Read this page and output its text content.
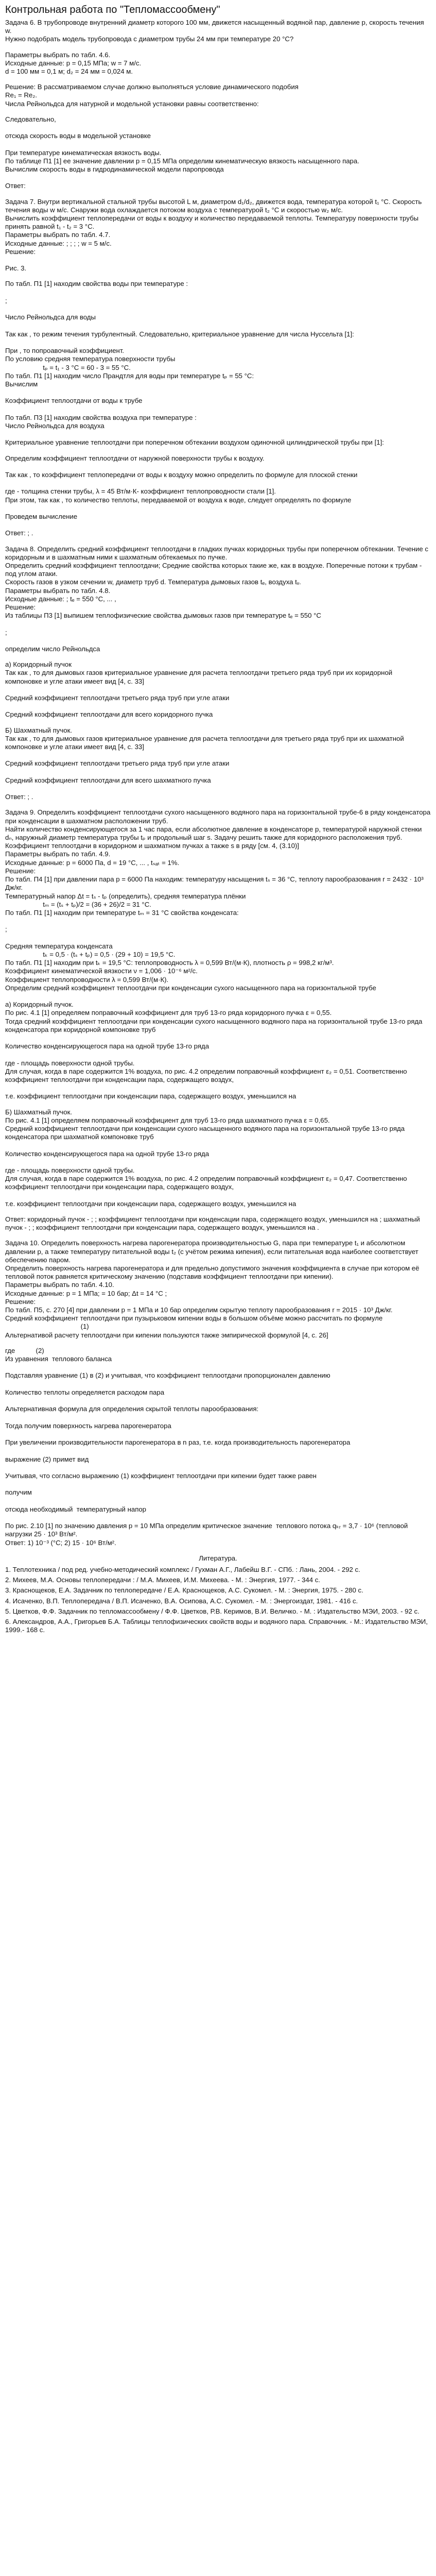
Контрольная работа по "Тепломассообмену"
Задача 6. В трубопроводе внутренний диаметр которого 100 мм, движется насыщенный водяной пар, давление р, скорость течения w.
Нужно подобрать модель трубопровода с диаметром трубы 24 мм при температуре 20 °С?
Параметры выбрать по табл. 4.6.
Исходные данные: р = 0,15 МПа; w = 7 м/с.
d = 100 мм = 0,1 м; d₂ = 24 мм = 0,024 м.
Решение: В рассматриваемом случае должно выполняться условие динамического подобия
Re₁ = Re₂.
Числа Рейнольдса для натурной и модельной установки равны соответственно:
Следовательно,

отсюда скорость воды в модельной установке

При температуре кинематическая вязкость воды.
По таблице П1 [1] ее значение давлении р = 0,15 МПа определим кинематическую вязкость насыщенного пара.
Вычислим скорость воды в гидродинамической модели паропровода

Ответ:
Задача 7. Внутри вертикальной стальной трубы высотой L м, диаметром d₁/d₂, движется вода, температура которой t₁ °С. Скорость течения воды w м/с. Снаружи вода охлаждается потоком воздуха с температурой t₂ °С и скоростью w₂ м/с.
Вычислить коэффициент теплопередачи от воды к воздуху и количество передаваемой теплоты. Температуру поверхности трубы принять равной t₁ - t₂ = 3 °С.
Параметры выбрать по табл. 4.7.
Исходные данные: ; ; ; ; w = 5 м/с.
Решение:

Рис. 3.
По табл. П1 [1] находим свойства воды при температуре :

;

Число Рейнольдса для воды

Так как , то режим течения турбулентный. Следовательно, критериальное уравнение для числа Нуссельта [1]:

При , то попроавочный коэффициент.
По условию средняя температура поверхности трубы
tₚ = t₁ - 3 °С = 60 - 3 = 55 °С.
По табл. П1 [1] находим число Прандтля для воды при температуре tₚ = 55 °С:
Вычислим

Коэффициент теплоотдачи от воды к трубе

По табл. П3 [1] находим свойства воздуха при температуре :
Число Рейнольдса для воздуха

Критериальное уравнение теплоотдачи при поперечном обтекании воздухом одиночной цилиндрической трубы при [1]:
Определим коэффициент теплоотдачи от наружной поверхности трубы к воздуху.

Так как , то коэффициент теплопередачи от воды к воздуху можно определить по формуле для плоской стенки

где - толщина стенки трубы, λ = 45 Вт/м·К- коэффициент теплопроводности стали [1].
При этом, так как , то количество теплоты, передаваемой от воздуха к воде, следует определять по формуле

Проведем вычисление

Ответ: ; .
Задача 8. Определить средний коэффициент теплоотдачи в гладких пучках коридорных трубы при поперечном обтекании. Течение с коридорным и в шахматным ними к шахматным обтекаемых по пучке.
Определить средний коэффициент теплоотдачи; Средние свойства котоpых такие же, как в воздухе. Поперечные потоки к трубам - под углом атаки.
Скорость газов в узком сечении w, диаметр труб d. Температура дымовых газов tₑ, воздуха tᵥ.
Параметры выбрать по табл. 4.8.
Исходные данные: ; tₑ = 550 °С, ... ,
Решение:
Из таблицы П3 [1] выпишем теплофизические свойства дымовых газов при температуре tₑ = 550 °С

;

определим число Рейнольдса
а) Коридорный пучок
Так как , то для дымовых газов критериальное уравнение для расчета теплоотдачи третьего ряда труб при их коридорной компоновке и угле атаки имеет вид [4, с. 33]

Средний коэффициент теплоотдачи третьего ряда труб при угле атаки

Средний коэффициент теплоотдачи для всего коридорного пучка
Б) Шахматный пучок.
Так как , то для дымовых газов критериальное уравнение для расчета теплоотдачи для третьего ряда труб при их шахматной компоновке и угле атаки имеет вид [4, с. 33]

Средний коэффициент теплоотдачи третьего ряда труб при угле атаки

Средний коэффициент теплоотдачи для всего шахматного пучка

Ответ: ; .
Задача 9. Определить коэффициент теплоотдачи сухого насыщенного водяного пара на горизонтальной трубе-6 в ряду конденсатора при конденсации в шахматном расположении труб.
Найти количество конденсирующегося за 1 час пара, если абсолютное давление в конденсаторе р, температурой наружной стенки dₙ, наружный диаметр температура трубы tₚ и продольный шаг s. Задачу решить также для коридорного расположения труб.
Коэффициент теплоотдачи в коридорном и шахматном пучках а также s в ряду [см. 4, (3.10)]
Параметры выбрать по табл. 4.9.
Исходные данные: р = 6000 Па, d = 19 °С, ... , tₛₐₜ = 1%.
Решение:
По табл. П4 [1] при давлении пара р = 6000 Па находим: температуру насыщения tₛ = 36 °С, теплоту парообразования r = 2432 · 10³ Дж/кг.
Температурный напор Δt = tₛ - tₚ (определить), средняя температура плёнки
tₘ = (tₛ + tₚ)/2 = (36 + 26)/2 = 31 °С.
По табл. П1 [1] находим при температуре tₘ = 31 °С свойства конденсата:

;

Средняя температура конденсата
tₖ = 0,5 · (tₛ + tₚ) = 0,5 · (29 + 10) = 19,5 °С.
По табл. П1 [1] находим при tₖ = 19,5 °С: теплопроводность λ = 0,599 Вт/(м·К), плотность ρ = 998,2 кг/м³.
Коэффициент кинематической вязкости ν = 1,006 · 10⁻⁶ м²/с.
Коэффициент теплопроводности λ = 0,599 Вт/(м·К).
Определим средний коэффициент теплоотдачи при конденсации сухого насыщенного пара на горизонтальной трубе

а) Коридорный пучок.
По рис. 4.1 [1] определяем поправочный коэффициент для труб 13-го ряда коридорного пучка ε = 0,55.
Тогда средний коэффициент теплоотдачи при конденсации сухого насыщенного водяного пара на горизонтальной трубе 13-го ряда конденсатора при коридорной компоновке труб

Количество конденсирующегося пара на одной трубе 13-го ряда

где - площадь поверхности одной трубы.
Для случая, когда в паре содержится 1% воздуха, по рис. 4.2 определим поправочный коэффициент ε₂ = 0,51. Соответственно коэффициент теплоотдачи при конденсации пара, содержащего воздух,

т.е. коэффициент теплоотдачи при конденсации пара, содержащего воздух, уменьшился на
Б) Шахматный пучок.
По рис. 4.1 [1] определяем поправочный коэффициент для труб 13-го ряда шахматного пучка ε = 0,65.
Средний коэффициент теплоотдачи при конденсации сухого насыщенного водяного пара на горизонтальной трубе 13-го ряда конденсатора при шахматной компоновке труб

Количество конденсирующегося пара на одной трубе 13-го ряда

где - площадь поверхности одной трубы.
Для случая, когда в паре содержится 1% воздуха, по рис. 4.2 определим поправочный коэффициент ε₂ = 0,47. Соответственно коэффициент теплоотдачи при конденсации пара, содержащего воздух,

т.е. коэффициент теплоотдачи при конденсации пара, содержащего воздух, уменьшился на
Ответ: коридорный пучок - ; ; коэффициент теплоотдачи при конденсации пара, содержащего воздух, уменьшился на ; шахматный пучок - ; ; коэффициент теплоотдачи при конденсации пара, содержащего воздух, уменьшился на .
Задача 10. Определить поверхность нагрева парогенератора производительностью G, пара при температуре t₁ и абсолютном давлении р, а также температуру питательной воды t₂ (с учётом режима кипения), если питательная вода наиболее соответствует обеспечению паром.
Определить поверхность нагрева парогенератора и для предельно допустимого значения коэффициента в случае при котором её тепловой поток равняется критическому значению (подставив коэффициент теплоотдачи при кипении).
Параметры выбрать по табл. 4.10.
Исходные данные: р = 1 МПа; = 10 бар; Δt = 14 °С ;
Решение:
По табл. П5, с. 270 [4] при давлении р = 1 МПа и 10 бар определим скрытую теплоту парообразования r = 2015 · 10³ Дж/кг.
Средний коэффициент теплоотдачи при пузырьковом кипении воды в большом объёме можно рассчитать по формуле
(1)
Альтернативой расчету теплоотдачи при кипении пользуются также эмпирической формулой [4, с. 26]
где           (2)
Из уравнения  теплового баланса

Подставляя уравнение (1) в (2) и учитывая, что коэффициент теплоотдачи пропорционален давлению

Количество теплоты определяется расходом пара

Альтернативная формула для определения скрытой теплоты парообразования:

Тогда получим поверхность нагрева парогенератора

При увеличении производительности парогенератора в n раз, т.е. когда производительность парогенератора

выражение (2) примет вид

Учитывая, что согласно выражению (1) коэффициент теплоотдачи при кипении будет также равен

получим

отсюда необходимый  температурный напор

По рис. 2.10 [1] по значению давления р = 10 МПа определим критическое значение  теплового потока qₖᵣ = 3,7 · 10⁶ (тепловой нагрузки 25 · 10³ Вт/м².
Ответ: 1) 10⁻³ (°С; 2) 15 · 10⁶ Вт/м².
Литература.
1. Теплотехника / под ред. учебно-методический комплекс / Гухман А.Г., Лабейш В.Г. - СПб. : Лань, 2004. - 292 с.
2. Михеев, М.А. Основы теплопередачи : / М.А. Михеев, И.М. Михеева. - М. : Энергия, 1977. - 344 с.
3. Краснощеков, Е.А. Задачник по теплопередаче / Е.А. Краснощеков, А.С. Сукомел. - М. : Энергия, 1975. - 280 с.
4. Исаченко, В.П. Теплопередача / В.П. Исаченко, В.А. Осипова, А.С. Сукомел. - М. : Энергоиздат, 1981. - 416 с.
5. Цветков, Ф.Ф. Задачник по тепломассообмену / Ф.Ф. Цветков, Р.В. Керимов, В.И. Величко. - М. : Издательство МЭИ, 2003. - 92 с.
6. Александров, А.А., Григорьев Б.А. Таблицы теплофизических свойств воды и водяного пара. Справочник. - М.: Издательство МЭИ, 1999.- 168 с.
